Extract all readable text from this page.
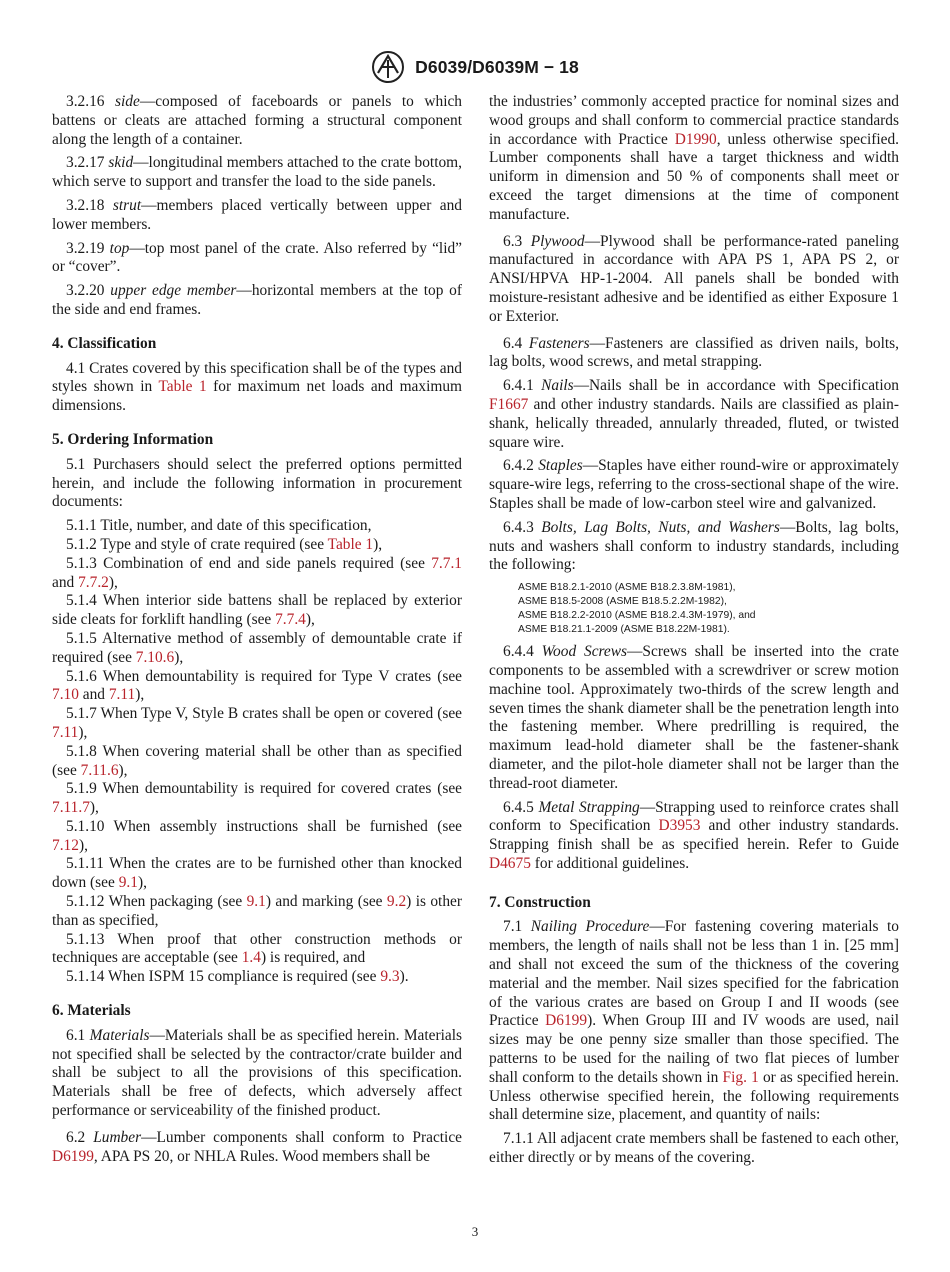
D6039/D6039M − 18

3.2.16 side—composed of faceboards or panels to which battens or cleats are attached forming a structural component along the length of a container.

3.2.17 skid—longitudinal members attached to the crate bottom, which serve to support and transfer the load to the side panels.

3.2.18 strut—members placed vertically between upper and lower members.

3.2.19 top—top most panel of the crate. Also referred by “lid” or “cover”.

3.2.20 upper edge member—horizontal members at the top of the side and end frames.

4. Classification

4.1 Crates covered by this specification shall be of the types and styles shown in Table 1 for maximum net loads and maximum dimensions.

5. Ordering Information

5.1 Purchasers should select the preferred options permitted herein, and include the following information in procurement documents:

5.1.1 Title, number, and date of this specification,

5.1.2 Type and style of crate required (see Table 1),

5.1.3 Combination of end and side panels required (see 7.7.1 and 7.7.2),

5.1.4 When interior side battens shall be replaced by exterior side cleats for forklift handling (see 7.7.4),

5.1.5 Alternative method of assembly of demountable crate if required (see 7.10.6),

5.1.6 When demountability is required for Type V crates (see 7.10 and 7.11),

5.1.7 When Type V, Style B crates shall be open or covered (see 7.11),

5.1.8 When covering material shall be other than as specified (see 7.11.6),

5.1.9 When demountability is required for covered crates (see 7.11.7),

5.1.10 When assembly instructions shall be furnished (see 7.12),

5.1.11 When the crates are to be furnished other than knocked down (see 9.1),

5.1.12 When packaging (see 9.1) and marking (see 9.2) is other than as specified,

5.1.13 When proof that other construction methods or techniques are acceptable (see 1.4) is required, and

5.1.14 When ISPM 15 compliance is required (see 9.3).

6. Materials

6.1 Materials—Materials shall be as specified herein. Materials not specified shall be selected by the contractor/crate builder and shall be subject to all the provisions of this specification. Materials shall be free of defects, which adversely affect performance or serviceability of the finished product.

6.2 Lumber—Lumber components shall conform to Practice D6199, APA PS 20, or NHLA Rules. Wood members shall be

the industries’ commonly accepted practice for nominal sizes and wood groups and shall conform to commercial practice standards in accordance with Practice D1990, unless otherwise specified. Lumber components shall have a target thickness and width uniform in dimension and 50 % of components shall meet or exceed the target dimensions at the time of component manufacture.

6.3 Plywood—Plywood shall be performance-rated paneling manufactured in accordance with APA PS 1, APA PS 2, or ANSI/HPVA HP-1-2004. All panels shall be bonded with moisture-resistant adhesive and be identified as either Exposure 1 or Exterior.

6.4 Fasteners—Fasteners are classified as driven nails, bolts, lag bolts, wood screws, and metal strapping.

6.4.1 Nails—Nails shall be in accordance with Specification F1667 and other industry standards. Nails are classified as plain-shank, helically threaded, annularly threaded, fluted, or twisted square wire.

6.4.2 Staples—Staples have either round-wire or approximately square-wire legs, referring to the cross-sectional shape of the wire. Staples shall be made of low-carbon steel wire and galvanized.

6.4.3 Bolts, Lag Bolts, Nuts, and Washers—Bolts, lag bolts, nuts and washers shall conform to industry standards, including the following:

ASME B18.2.1-2010 (ASME B18.2.3.8M-1981),
ASME B18.5-2008 (ASME B18.5.2.2M-1982),
ASME B18.2.2-2010 (ASME B18.2.4.3M-1979), and
ASME B18.21.1-2009 (ASME B18.22M-1981).

6.4.4 Wood Screws—Screws shall be inserted into the crate components to be assembled with a screwdriver or screw motion machine tool. Approximately two-thirds of the screw length and seven times the shank diameter shall be the penetration length into the fastening member. Where predrilling is required, the maximum lead-hold diameter shall be the fastener-shank diameter, and the pilot-hole diameter shall not be larger than the thread-root diameter.

6.4.5 Metal Strapping—Strapping used to reinforce crates shall conform to Specification D3953 and other industry standards. Strapping finish shall be as specified herein. Refer to Guide D4675 for additional guidelines.

7. Construction

7.1 Nailing Procedure—For fastening covering materials to members, the length of nails shall not be less than 1 in. [25 mm] and shall not exceed the sum of the thickness of the covering material and the member. Nail sizes specified for the fabrication of the various crates are based on Group I and II woods (see Practice D6199). When Group III and IV woods are used, nail sizes may be one penny size smaller than those specified. The patterns to be used for the nailing of two flat pieces of lumber shall conform to the details shown in Fig. 1 or as specified herein. Unless otherwise specified herein, the following requirements shall determine size, placement, and quantity of nails:

7.1.1 All adjacent crate members shall be fastened to each other, either directly or by means of the covering.

3
